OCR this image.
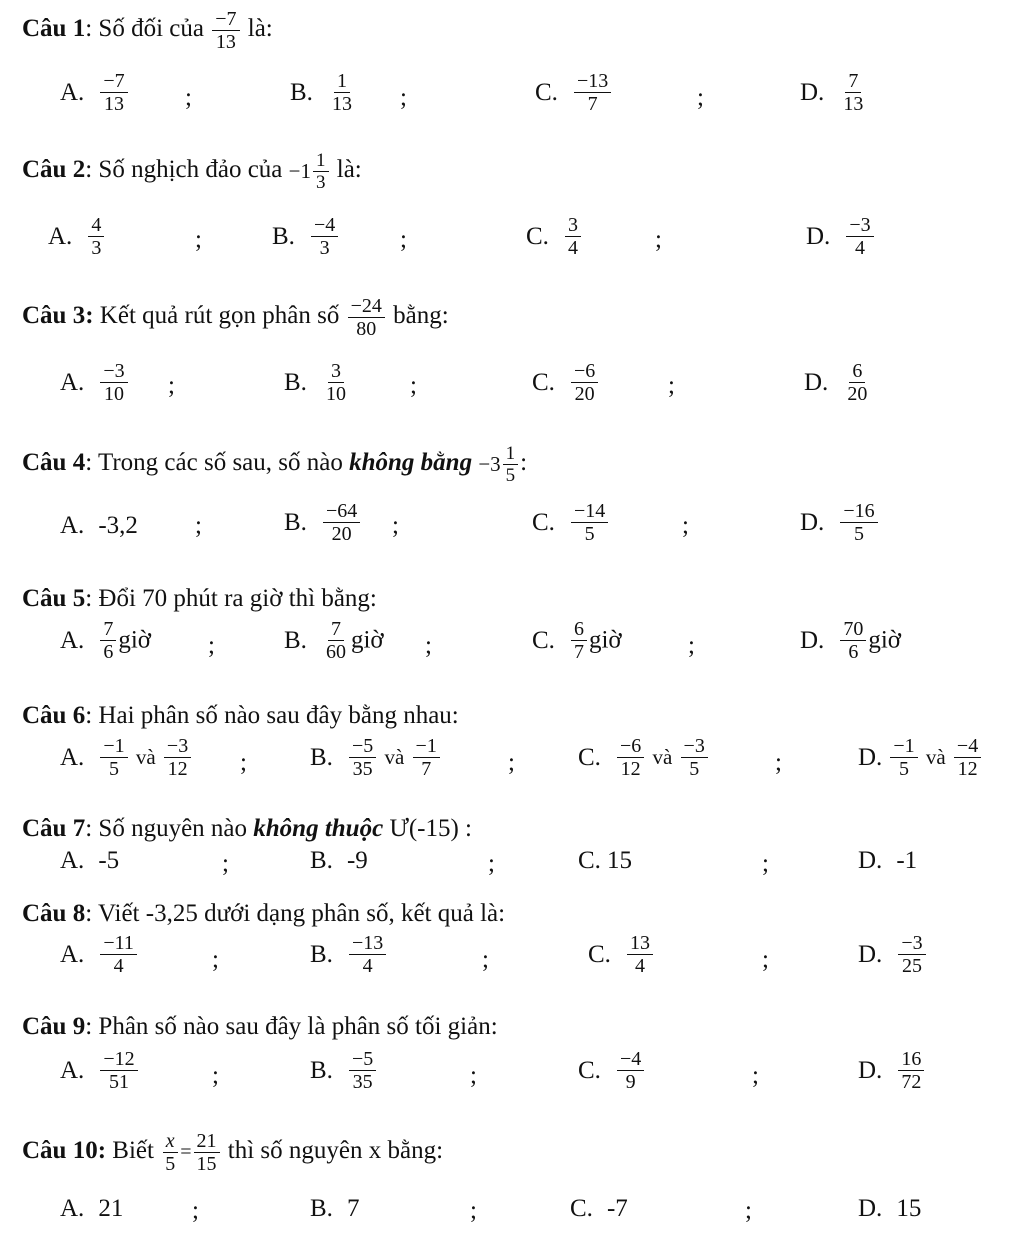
Câu 1: Số đối của $\frac{-7}{13}$ là:
A. $\frac{-7}{13}$ ;	B. $\frac{1}{13}$ ;	C. $\frac{-13}{7}$	;	D. $\frac{7}{13}$
Câu 2: Số nghịch đảo của $-1 \frac{1}{3}$ là:
A. $\frac{4}{3}$	;	B. $\frac{-4}{3}$ ;	C. $\frac{3}{4}$	;	D. $\frac{-3}{4}$
Câu 3: Kết quả rút gọn phân số $\frac{-24}{80}$ bằng:
A. $\frac{-3}{10}$ ;	B. $\frac{3}{10}$ ;	C. $\frac{-6}{20}$	;	D. $\frac{6}{20}$
Câu 4: Trong các số sau, số nào không bằng $-3 \frac{1}{5}$ :
A. -3,2 ;	B. $\frac{-64}{20}$ ;	C. $\frac{-14}{5}$	;	D. $\frac{-16}{5}$
Câu 5: Đổi 70 phút ra giờ thì bằng:
A. $\frac{7}{6}$ giờ ;	B. $\frac{7}{60}$ giờ ;	C. $\frac{6}{7}$ giờ	;	D. $\frac{70}{6}$ giờ
Câu 6: Hai phân số nào sau đây bằng nhau:
A. $\frac{-1}{5}$ và $\frac{-3}{12}$ ;	B. $\frac{-5}{35}$ và $\frac{-1}{7}$	;	C. $\frac{-6}{12}$ và $\frac{-3}{5}$	;	D. $\frac{-1}{5}$ và $\frac{-4}{12}$
Câu 7: Số nguyên nào không thuộc Ư(-15) :
A. -5	;	B. -9	;	C. 15	;	D. -1
Câu 8: Viết -3,25 dưới dạng phân số, kết quả là:
A. $\frac{-11}{4}$	;	B. $\frac{-13}{4}$	;	C. $\frac{13}{4}$	;	D. $\frac{-3}{25}$
Câu 9: Phân số nào sau đây là phân số tối giản:
A. $\frac{-12}{51}$	;	B. $\frac{-5}{35}$	;	C. $\frac{-4}{9}$	;	D. $\frac{16}{72}$
Câu 10: Biết $\frac{x}{5} = \frac{21}{15}$ thì số nguyên x bằng:
A. 21	;	B. 7	;	C. -7	;	D. 15
